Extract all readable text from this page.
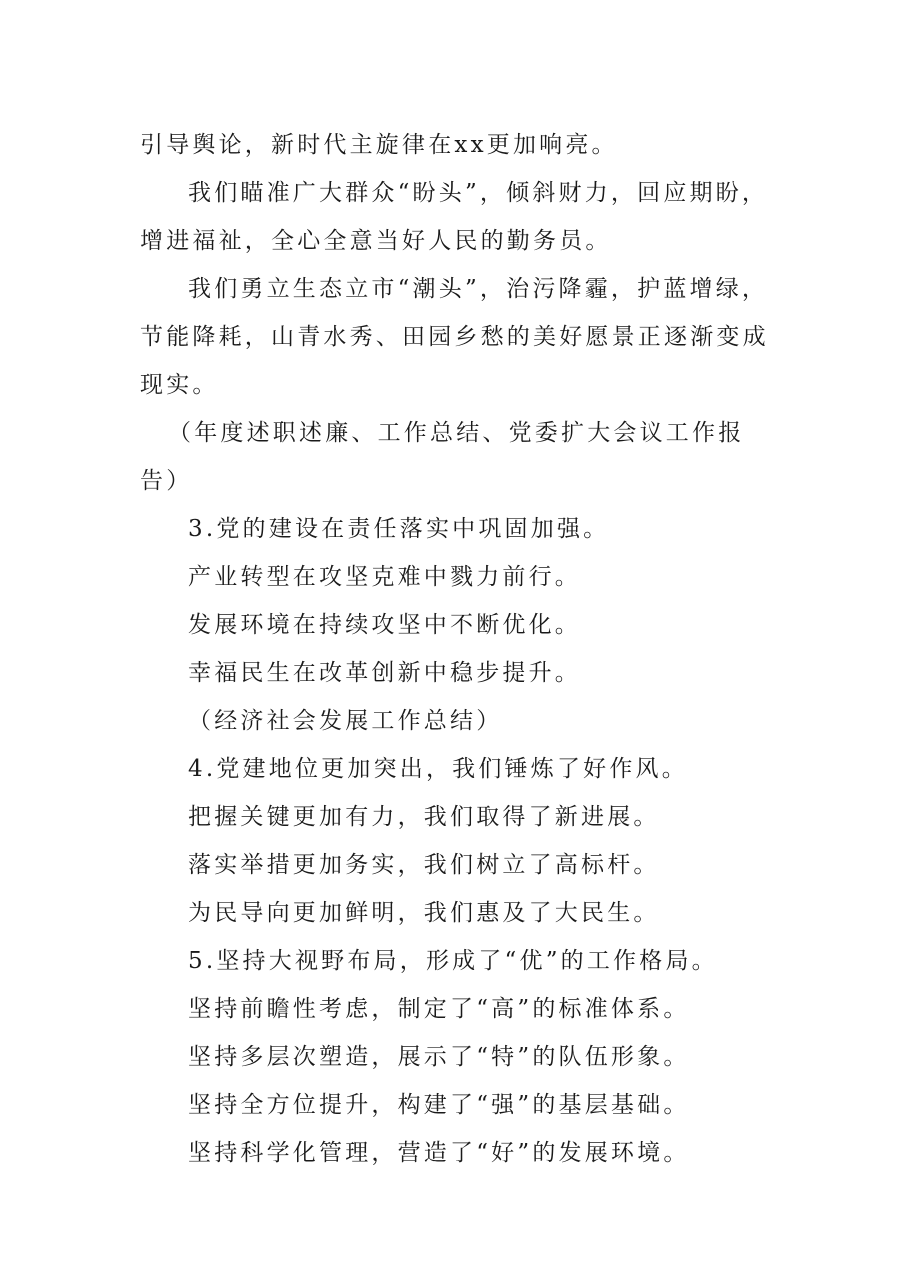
引导舆论，新时代主旋律在xx更加响亮。

我们瞄准广大群众“盼头”，倾斜财力，回应期盼，增进福祉，全心全意当好人民的勤务员。

我们勇立生态立市“潮头”，治污降霾，护蓝增绿，节能降耗，山青水秀、田园乡愁的美好愿景正逐渐变成现实。

（年度述职述廉、工作总结、党委扩大会议工作报告）

3.党的建设在责任落实中巩固加强。

产业转型在攻坚克难中戮力前行。

发展环境在持续攻坚中不断优化。

幸福民生在改革创新中稳步提升。

（经济社会发展工作总结）

4.党建地位更加突出，我们锤炼了好作风。

把握关键更加有力，我们取得了新进展。

落实举措更加务实，我们树立了高标杆。

为民导向更加鲜明，我们惠及了大民生。

5.坚持大视野布局，形成了“优”的工作格局。

坚持前瞻性考虑，制定了“高”的标准体系。

坚持多层次塑造，展示了“特”的队伍形象。

坚持全方位提升，构建了“强”的基层基础。

坚持科学化管理，营造了“好”的发展环境。
